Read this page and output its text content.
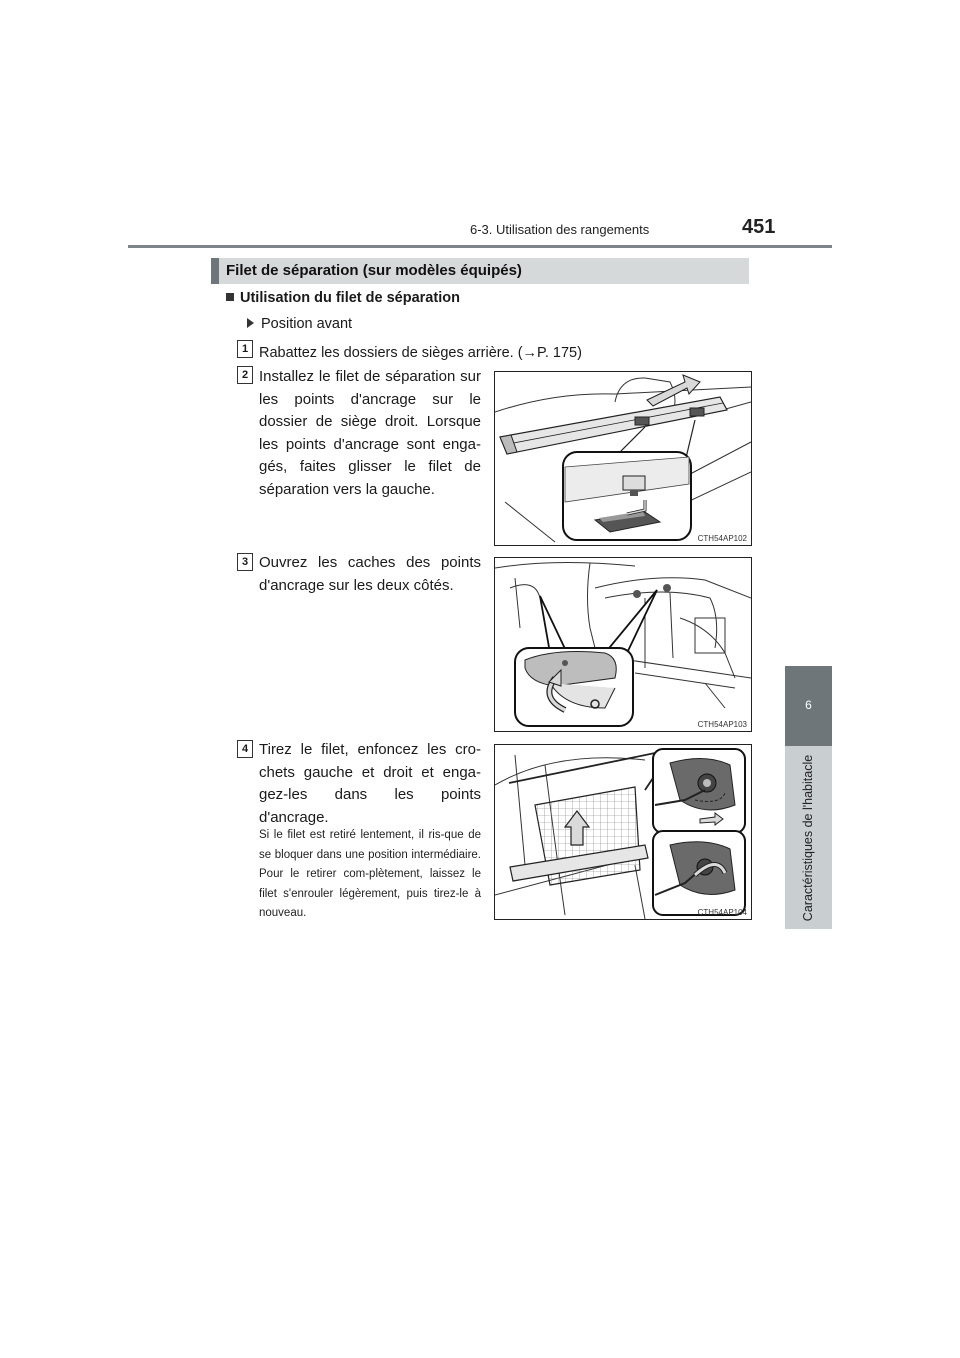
6-3. Utilisation des rangements	451
6
Caractéristiques de l'habitacle
Filet de séparation (sur modèles équipés)
Utilisation du filet de séparation
Position avant
1 Rabattez les dossiers de sièges arrière. (→P. 175)
2 Installez le filet de séparation sur les points d'ancrage sur le dossier de siège droit. Lorsque les points d'ancrage sont enga-gés, faites glisser le filet de séparation vers la gauche.
3 Ouvrez les caches des points d'ancrage sur les deux côtés.
4 Tirez le filet, enfoncez les cro-chets gauche et droit et enga-gez-les dans les points d'ancrage.
Si le filet est retiré lentement, il ris-que de se bloquer dans une position intermédiaire. Pour le retirer com-plètement, laissez le filet s'enrouler légèrement, puis tirez-le à nouveau.
CTH54AP102
CTH54AP103
CTH54AP104
